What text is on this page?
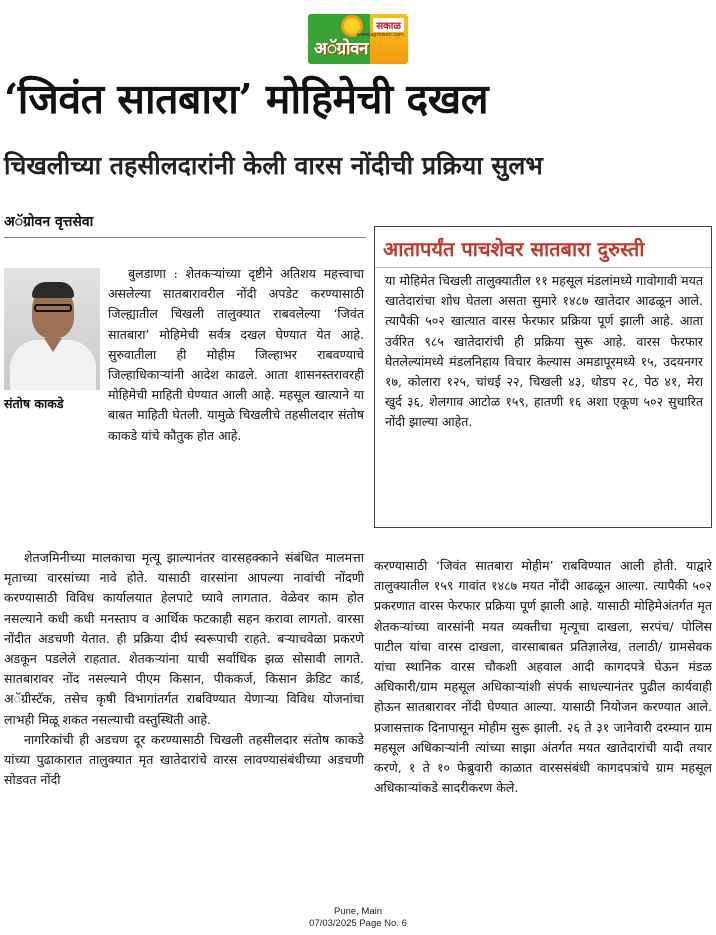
अॅग्रोवन
सकाळ
www.agrowon.com
‘जिवंत सातबारा’ मोहिमेची दखल
चिखलीच्या तहसीलदारांनी केली वारस नोंदीची प्रक्रिया सुलभ
अॅग्रोवन वृत्तसेवा
संतोष काकडे

बुलडाणा : शेतकऱ्यांच्या दृष्टीने अतिशय महत्त्वाचा असलेल्या सातबारावरील नोंदी अपडेट करण्यासाठी जिल्ह्यातील चिखली तालुक्यात राबवलेल्या ‘जिवंत सातबारा’ मोहिमेची सर्वत्र दखल घेण्यात येत आहे. सुरुवातीला ही मोहीम जिल्हाभर राबवण्याचे जिल्हाधिकाऱ्यांनी आदेश काढले. आता शासनस्तरावरही मोहिमेची माहिती घेण्यात आली आहे. महसूल खात्याने या बाबत माहिती घेतली. यामुळे चिखलीचे तहसीलदार संतोष काकडे यांचे कौतुक होत आहे.

शेतजमिनीच्या मालकाचा मृत्यू झाल्यानंतर वारसहक्काने संबंधित मालमत्ता मृताच्या वारसांच्या नावे होते. यासाठी वारसांना आपल्या नावांची नोंदणी करण्यासाठी विविध कार्यालयात हेलपाटे घ्यावे लागतात. वेळेवर काम होत नसल्याने कधी कधी मनस्ताप व आर्थिक फटकाही सहन करावा लागतो. वारसा नोंदीत अडचणी येतात. ही प्रक्रिया दीर्घ स्वरूपाची राहते. बऱ्याचवेळा प्रकरणे अडकून पडलेले राहतात. शेतकऱ्यांना याची सर्वाधिक झळ सोसावी लागते. सातबारावर नोंद नसल्याने पीएम किसान, पीककर्ज, किसान क्रेडिट कार्ड, अॅग्रीस्टॅक, तसेच कृषी विभागांतर्गत राबविण्यात येणाऱ्या विविध योजनांचा लाभही मिळू शकत नसल्याची वस्तुस्थिती आहे.

नागरिकांची ही अडचण दूर करण्यासाठी चिखली तहसीलदार संतोष काकडे यांच्या पुढाकारात तालुक्यात मृत खातेदारांचे वारस लावण्यासंबंधीच्या अडचणी सोडवत नोंदी

आतापर्यंत पाचशेवर सातबारा दुरुस्ती
या मोहिमेत चिखली तालुक्यातील ११ महसूल मंडलांमध्ये गावोगावी मयत खातेदारांचा शोध घेतला असता सुमारे १४८७ खातेदार आढळून आले. त्यापैकी ५०२ खात्यात वारस फेरफार प्रक्रिया पूर्ण झाली आहे. आता उर्वरित ९८५ खातेदारांची ही प्रक्रिया सुरू आहे. वारस फेरफार घेतलेल्यांमध्ये मंडलनिहाय विचार केल्यास अमडापूरमध्ये १५, उदयनगर १७, कोलारा १२५, चांधई २२, चिखली ४३, धोडप २८, पेठ ४१, मेरा खुर्द ३६, शेलगाव आटोळ १५९, हातणी १६ अशा एकूण ५०२ सुधारित नोंदी झाल्या आहेत.

करण्यासाठी ‘जिवंत सातबारा मोहीम’ राबविण्यात आली होती. याद्वारे तालुक्यातील १५९ गावांत १४८७ मयत नोंदी आढळून आल्या. त्यापैकी ५०२ प्रकरणात वारस फेरफार प्रक्रिया पूर्ण झाली आहे. यासाठी मोहिमेअंतर्गत मृत शेतकऱ्यांच्या वारसांनी मयत व्यक्तीचा मृत्यूचा दाखला, सरपंच/ पोलिस पाटील यांचा वारस दाखला, वारसाबाबत प्रतिज्ञालेख, तलाठी/ ग्रामसेवक यांचा स्थानिक वारस चौकशी अहवाल आदी कागदपत्रे घेऊन मंडळ अधिकारी/ग्राम महसूल अधिकाऱ्यांशी संपर्क साधल्यानंतर पुढील कार्यवाही होऊन सातबारावर नोंदी घेण्यात आल्या. यासाठी नियोजन करण्यात आले. प्रजासत्ताक दिनापासून मोहीम सुरू झाली. २६ ते ३१ जानेवारी दरम्यान ग्राम महसूल अधिकाऱ्यांनी त्यांच्या साझा अंतर्गत मयत खातेदारांची यादी तयार करणे, १ ते १० फेब्रुवारी काळात वारससंबंधी कागदपत्रांचे ग्राम महसूल अधिकाऱ्यांकडे सादरीकरण केले.

Pune, Main
07/03/2025 Page No. 6
